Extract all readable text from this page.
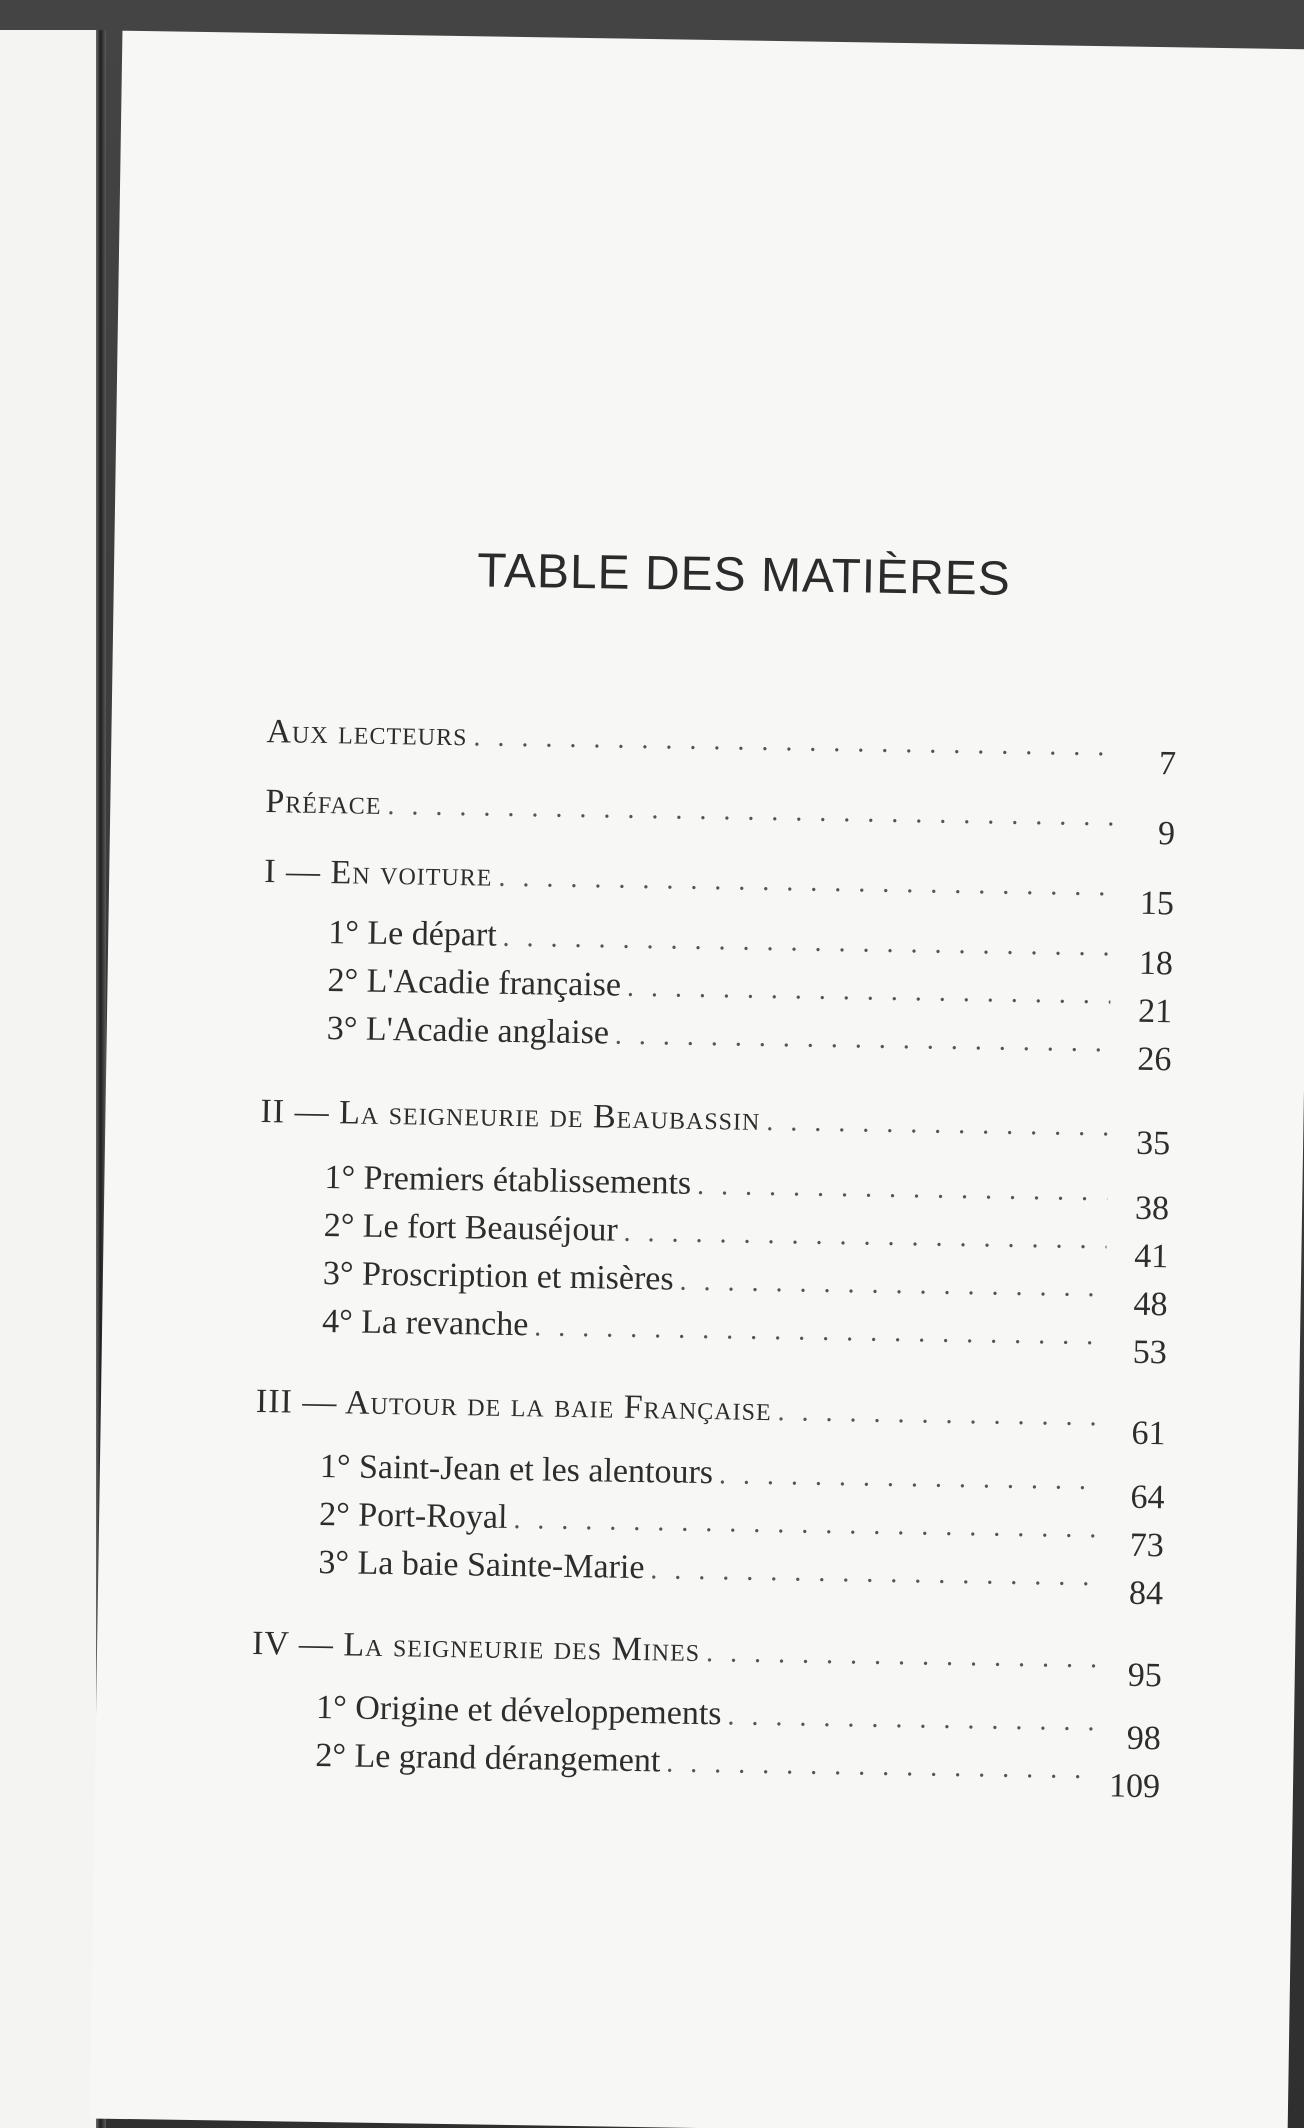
TABLE DES MATIÈRES
Aux lecteurs
. . .
7
Préface
. . .
9
I — En voiture
. . .
15
1° Le départ
. . .
18
2° L'Acadie française
. . .
21
3° L'Acadie anglaise
. . .
26
II — La seigneurie de Beaubassin
. . .
35
1° Premiers établissements
. . .
38
2° Le fort Beauséjour
. . .
41
3° Proscription et misères
. . .
48
4° La revanche
. . .
53
III — Autour de la baie Française
. . .
61
1° Saint-Jean et les alentours
. . .
64
2° Port-Royal
. . .
73
3° La baie Sainte-Marie
. . .
84
IV — La seigneurie des Mines
. . .
95
1° Origine et développements
. . .
98
2° Le grand dérangement
. . .
109
